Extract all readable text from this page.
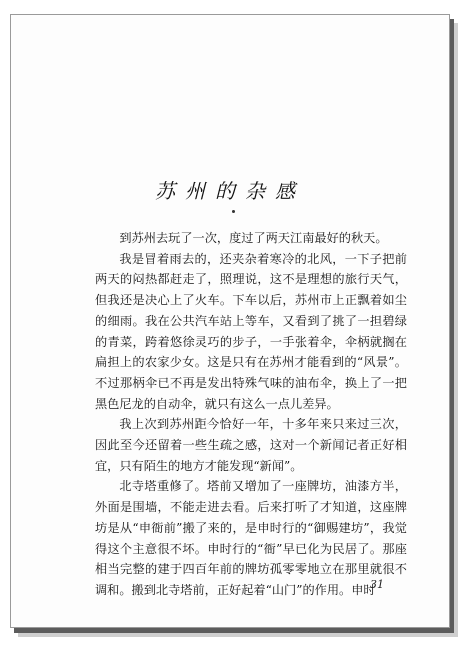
苏州的杂感

到苏州去玩了一次，度过了两天江南最好的秋天。

我是冒着雨去的，还夹杂着寒冷的北风，一下子把前两天的闷热都赶走了，照理说，这不是理想的旅行天气，但我还是决心上了火车。下车以后，苏州市上正飘着如尘的细雨。我在公共汽车站上等车，又看到了挑了一担碧绿的青菜，跨着悠徐灵巧的步子，一手张着伞，伞柄就搁在扁担上的农家少女。这是只有在苏州才能看到的“风景”。不过那柄伞已不再是发出特殊气味的油布伞，换上了一把黑色尼龙的自动伞，就只有这么一点儿差异。

我上次到苏州距今恰好一年，十多年来只来过三次，因此至今还留着一些生疏之感，这对一个新闻记者正好相宜，只有陌生的地方才能发现“新闻”。

北寺塔重修了。塔前又增加了一座牌坊，油漆方半，外面是围墙，不能走进去看。后来打听了才知道，这座牌坊是从“申衙前”搬了来的，是申时行的“御赐建坊”，我觉得这个主意很不坏。申时行的“衙”早已化为民居了。那座相当完整的建于四百年前的牌坊孤零零地立在那里就很不调和。搬到北寺塔前，正好起着“山门”的作用。申时

31
